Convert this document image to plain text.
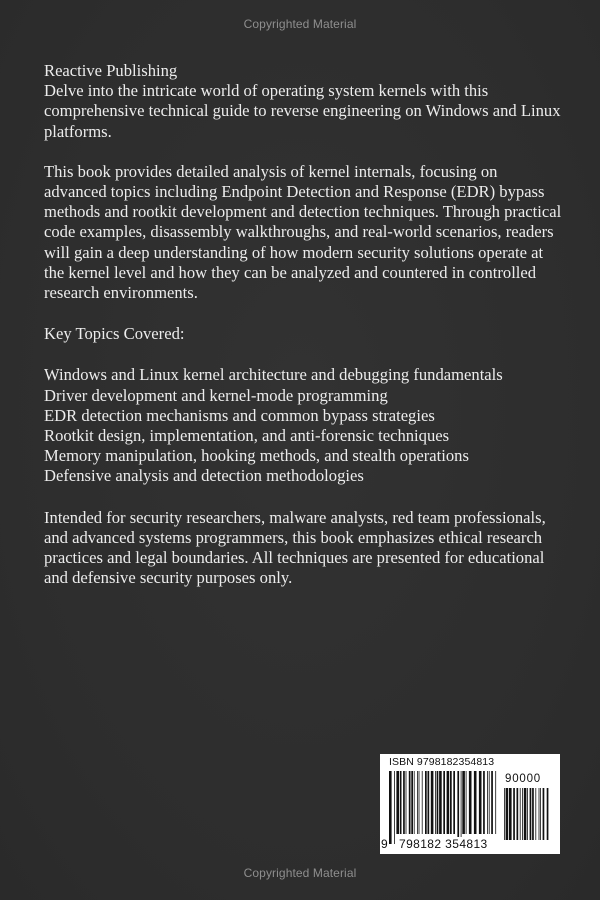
Copyrighted Material

Reactive Publishing

Delve into the intricate world of operating system kernels with this comprehensive technical guide to reverse engineering on Windows and Linux platforms.

This book provides detailed analysis of kernel internals, focusing on advanced topics including Endpoint Detection and Response (EDR) bypass methods and rootkit development and detection techniques. Through practical code examples, disassembly walkthroughs, and real-world scenarios, readers will gain a deep understanding of how modern security solutions operate at the kernel level and how they can be analyzed and countered in controlled research environments.

Key Topics Covered:

Windows and Linux kernel architecture and debugging fundamentals

Driver development and kernel-mode programming

EDR detection mechanisms and common bypass strategies

Rootkit design, implementation, and anti-forensic techniques

Memory manipulation, hooking methods, and stealth operations

Defensive analysis and detection methodologies

Intended for security researchers, malware analysts, red team professionals, and advanced systems programmers, this book emphasizes ethical research practices and legal boundaries. All techniques are presented for educational and defensive security purposes only.

ISBN 9798182354813
90000
9 798182 354813
Copyrighted Material
